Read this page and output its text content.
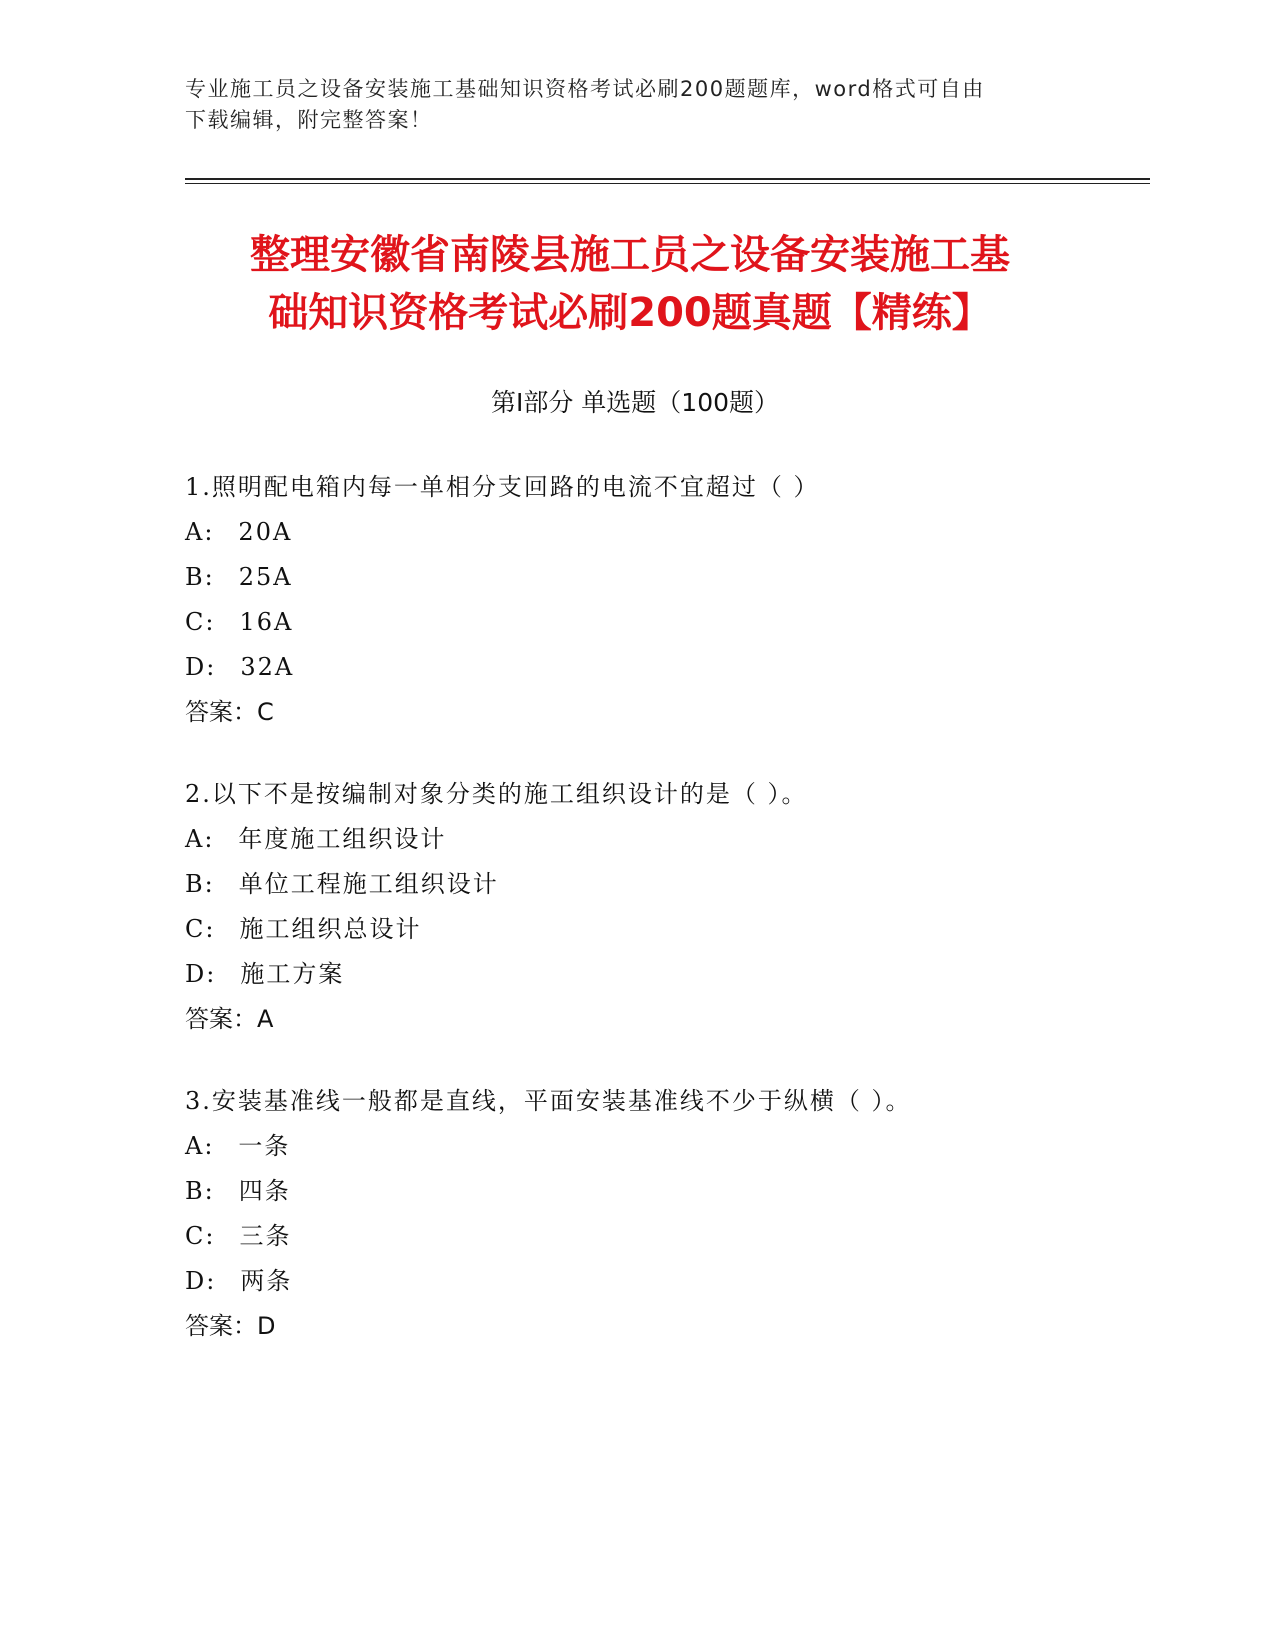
专业施工员之设备安装施工基础知识资格考试必刷200题题库，word格式可自由
下载编辑，附完整答案！
整理安徽省南陵县施工员之设备安装施工基
础知识资格考试必刷200题真题【精练】
第Ⅰ部分 单选题（100题）
1.照明配电箱内每一单相分支回路的电流不宜超过（ ）
A: 20A
B: 25A
C: 16A
D: 32A
答案：C
2.以下不是按编制对象分类的施工组织设计的是（ ）。
A: 年度施工组织设计
B: 单位工程施工组织设计
C: 施工组织总设计
D: 施工方案
答案：A
3.安装基准线一般都是直线，平面安装基准线不少于纵横（ ）。
A: 一条
B: 四条
C: 三条
D: 两条
答案：D
